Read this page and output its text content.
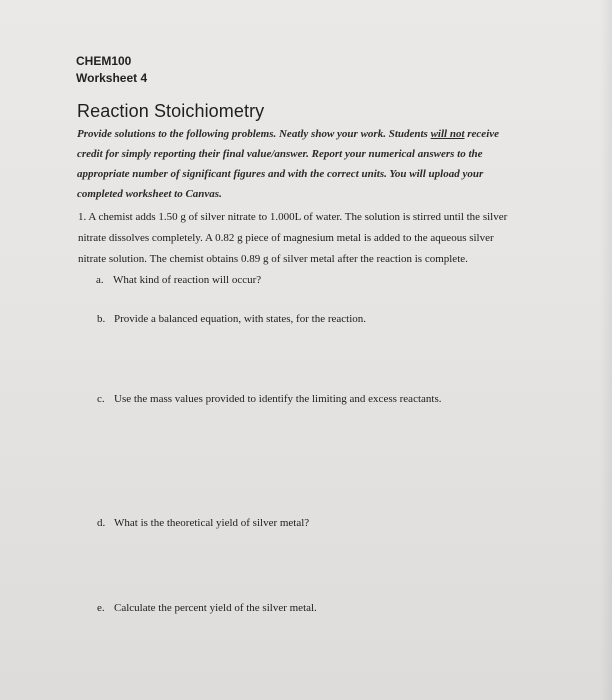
CHEM100
Worksheet 4
Reaction Stoichiometry
Provide solutions to the following problems. Neatly show your work. Students will not receive credit for simply reporting their final value/answer. Report your numerical answers to the appropriate number of significant figures and with the correct units. You will upload your completed worksheet to Canvas.
1. A chemist adds 1.50 g of silver nitrate to 1.000L of water. The solution is stirred until the silver nitrate dissolves completely. A 0.82 g piece of magnesium metal is added to the aqueous silver nitrate solution. The chemist obtains 0.89 g of silver metal after the reaction is complete.
a. What kind of reaction will occur?
b. Provide a balanced equation, with states, for the reaction.
c. Use the mass values provided to identify the limiting and excess reactants.
d. What is the theoretical yield of silver metal?
e. Calculate the percent yield of the silver metal.
